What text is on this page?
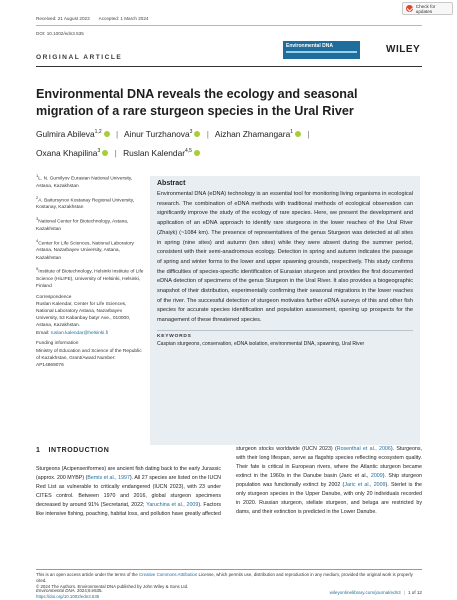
Received: 21 August 2023 Accepted: 1 March 2024
DOI: 10.1002/edn3.535
Check for updates
ORIGINAL ARTICLE
Environmental DNA	WILEY
Environmental DNA reveals the ecology and seasonal migration of a rare sturgeon species in the Ural River
Gulmira Abileva$^{1,2}$ | Ainur Turzhanova$^3$ | Aizhan Zhamangara$^1$ |
Oxana Khapilina$^3$ | Ruslan Kalendar$^{4,5}$

$^1$L. N. Gumilyov Eurasian National University, Astana, Kazakhstan

$^2$A. Baitursynov Kostanay Regional University, Kostanay, Kazakhstan

$^3$National Center for Biotechnology, Astana, Kazakhstan

$^4$Center for Life Sciences, National Laboratory Astana, Nazarbayev University, Astana, Kazakhstan

$^5$Institute of Biotechnology, Helsinki Institute of Life Science (HiLIFE), University of Helsinki, Helsinki, Finland

Correspondence
Ruslan Kalendar, Center for Life Sciences, National Laboratory Astana, Nazarbayev University, 53 Kabanbay batyr Ave., 010000, Astana, Kazakhstan.
Email: ruslan.kalendar@helsinki.fi

Funding information
Ministry of Education and Science of the Republic of Kazakhstan, Grant/Award Number: AP14869076

Abstract
Environmental DNA (eDNA) technology is an essential tool for monitoring living organisms in ecological research. The combination of eDNA methods with traditional methods of ecological observation can significantly improve the study of the ecology of rare species. Here, we present the development and application of an eDNA approach to identify rare sturgeons in the lower reaches of the Ural River (Zhaiyk) (~1084 km). The presence of representatives of the genus Sturgeon was detected at all sites in spring (nine sites) and autumn (ten sites) while they were absent during the summer period, consistent with their semi-anadromous ecology. Detection in spring and autumn indicates the passage of spring and winter forms to the lower and upper spawning grounds, respectively. This study confirms the difficulties of species-specific identification of Eurasian sturgeon and provides the first documented eDNA detection of specimens of the genus Sturgeon in the Ural River. It also provides a biogeographic snapshot of their distribution, experimentally confirming their seasonal migrations in the lower reaches of the river. The successful detection of sturgeon motivates further eDNA surveys of this and other fish species for accurate species identification and population assessment, opening up prospects for the management of these threatened species.
KEYWORDS
Caspian sturgeons, conservation, eDNA isolation, environmental DNA, spawning, Ural River
1 INTRODUCTION
Sturgeons (Acipenseriformes) are ancient fish dating back to the early Jurassic (approx. 200 MYBP) (Bemis et al., 1997). All 27 species are listed on the IUCN Red List as vulnerable to critically endangered (IUCN 2023), with 23 under CITES control. Between 1970 and 2016, global sturgeon specimens decreased by around 91% (Secretariat, 2022; Yaruchina et al., 2009). Factors like intensive fishing, poaching, habitat loss, and pollution have greatly affected
sturgeon stocks worldwide (IUCN 2023) (Rosenthal et al., 2006). Sturgeons, with their long lifespan, serve as flagship species reflecting ecosystem quality. Their fate is critical in European rivers, where the Atlantic sturgeon became extinct in the 1960s in the Danube basin (Jaric et al., 2009). Ship sturgeon population was functionally extinct by 2002 (Jaric et al., 2009). Sterlet is the only sturgeon species in the Upper Danube, with only 20 individuals recorded in 2020. Russian sturgeon, stellate sturgeon, and beluga are restricted by dams, and their extinction is predicted in the Lower Danube.
This is an open access article under the terms of the Creative Commons Attribution License, which permits use, distribution and reproduction in any medium, provided the original work is properly cited.
© 2024 The Authors. Environmental DNA published by John Wiley & Sons Ltd.
Environmental DNA. 2024;6:e535.
https://doi.org/10.1002/edn3.535
wileyonlinelibrary.com/journal/edn3 | 1 of 12
